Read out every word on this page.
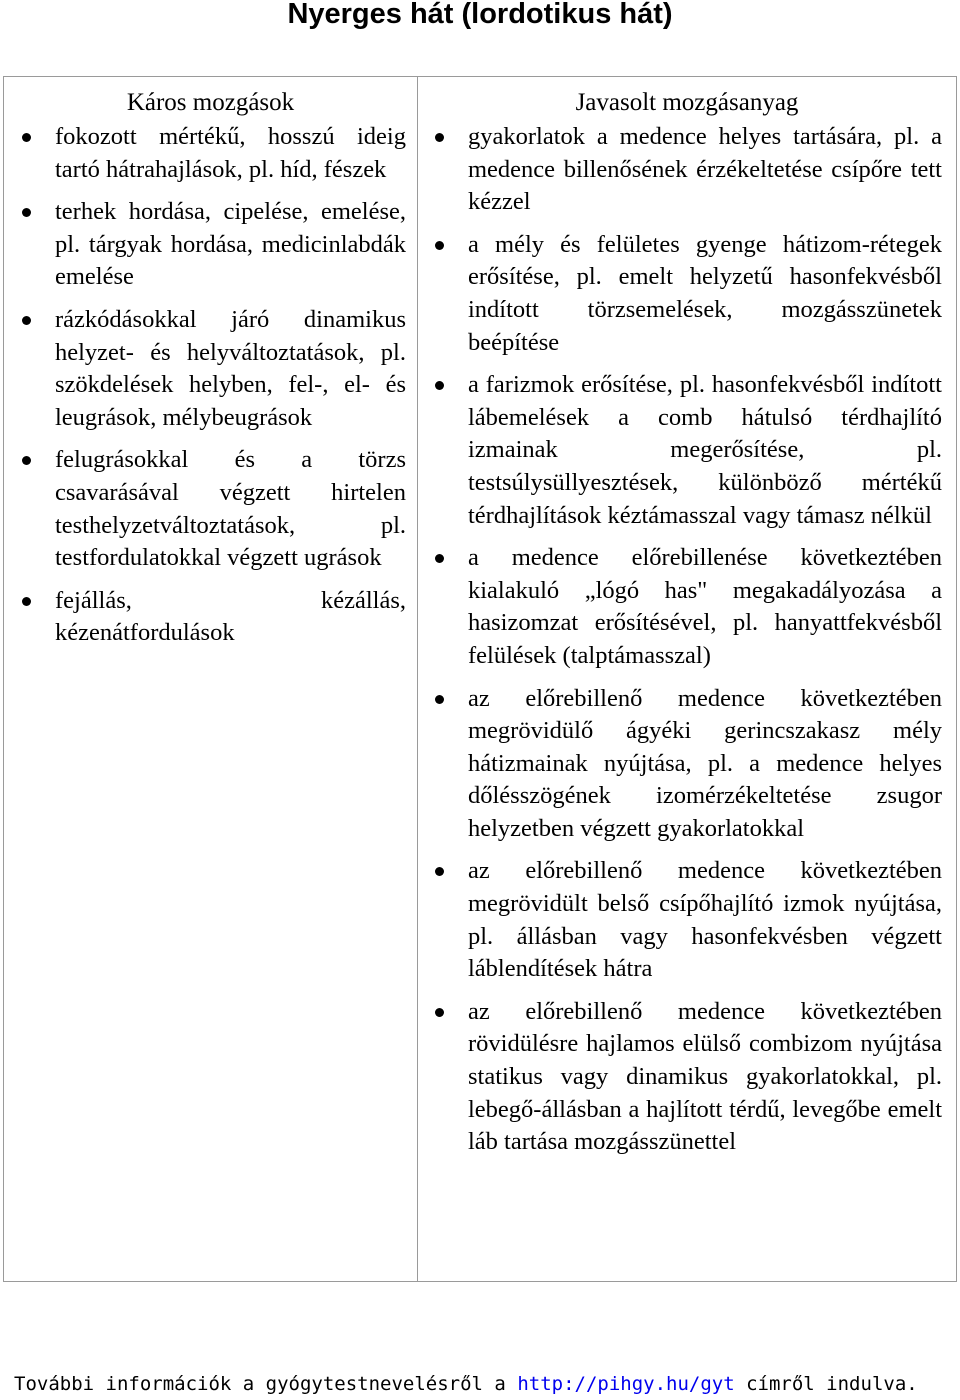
Nyerges hát (lordotikus hát)
Káros mozgások
fokozott mértékű, hosszú ideig tartó hátrahajlások, pl. híd, fészek
terhek hordása, cipelése, emelése, pl. tárgyak hordása, medicinlabdák emelése
rázkódásokkal járó dinamikus helyzet- és helyváltoztatások, pl. szökdelések helyben, fel-, el- és leugrások, mélybeugrások
felugrásokkal és a törzs csavarásával végzett hirtelen testhelyzetváltoztatások, pl. testfordulatokkal végzett ugrások
fejállás, kézállás, kézenátfordulások

Javasolt mozgásanyag
gyakorlatok a medence helyes tartására, pl. a medence billenősének érzékeltetése csípőre tett kézzel
a mély és felületes gyenge hátizom-rétegek erősítése, pl. emelt helyzetű hasonfekvésből indított törzsemelések, mozgásszünetek beépítése
a farizmok erősítése, pl. hasonfekvésből indított lábemelések a comb hátulsó térdhajlító izmainak megerősítése, pl. testsúlysüllyesztések, különböző mértékű térdhajlítások kéztámasszal vagy támasz nélkül
a medence előrebillenése következtében kialakuló „lógó has" megakadályozása a hasizomzat erősítésével, pl. hanyattfekvésből felülések (talptámasszal)
az előrebillenő medence következtében megrövidülő ágyéki gerincszakasz mély hátizmainak nyújtása, pl. a medence helyes dőlésszögének izomérzékeltetése zsugor helyzetben végzett gyakorlatokkal
az előrebillenő medence következtében megrövidült belső csípőhajlító izmok nyújtása, pl. állásban vagy hasonfekvésben végzett láblendítések hátra
az előrebillenő medence következtében rövidülésre hajlamos elülső combizom nyújtása statikus vagy dinamikus gyakorlatokkal, pl. lebegő-állásban a hajlított térdű, levegőbe emelt láb tartása mozgásszünettel
További információk a gyógytestnevelésről a http://pihgy.hu/gyt címről indulva.
